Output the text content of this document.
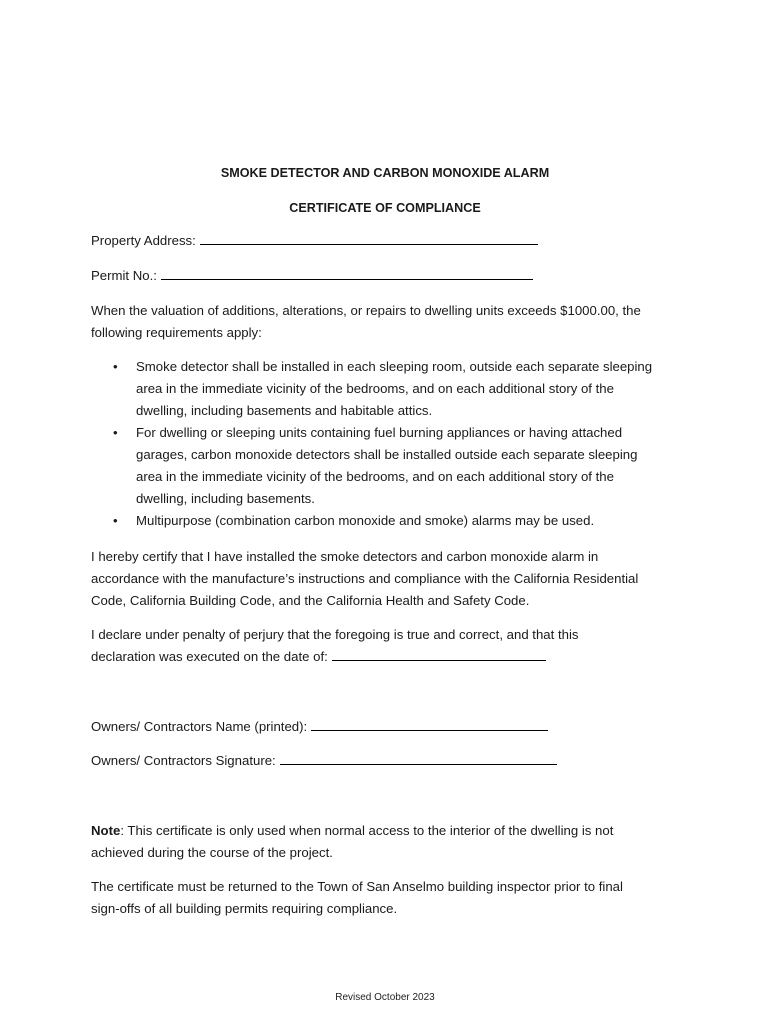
SMOKE DETECTOR AND CARBON MONOXIDE ALARM
CERTIFICATE OF COMPLIANCE
Property Address:
Permit No.:
When the valuation of additions, alterations, or repairs to dwelling units exceeds $1000.00, the
following requirements apply:
• Smoke detector shall be installed in each sleeping room, outside each separate sleeping
area in the immediate vicinity of the bedrooms, and on each additional story of the
dwelling, including basements and habitable attics.
• For dwelling or sleeping units containing fuel burning appliances or having attached
garages, carbon monoxide detectors shall be installed outside each separate sleeping
area in the immediate vicinity of the bedrooms, and on each additional story of the
dwelling, including basements.
• Multipurpose (combination carbon monoxide and smoke) alarms may be used.
I hereby certify that I have installed the smoke detectors and carbon monoxide alarm in
accordance with the manufacture’s instructions and compliance with the California Residential
Code, California Building Code, and the California Health and Safety Code.
I declare under penalty of perjury that the foregoing is true and correct, and that this
declaration was executed on the date of:
Owners/ Contractors Name (printed):
Owners/ Contractors Signature:
Note: This certificate is only used when normal access to the interior of the dwelling is not
achieved during the course of the project.
The certificate must be returned to the Town of San Anselmo building inspector prior to final
sign-offs of all building permits requiring compliance.
Revised October 2023
